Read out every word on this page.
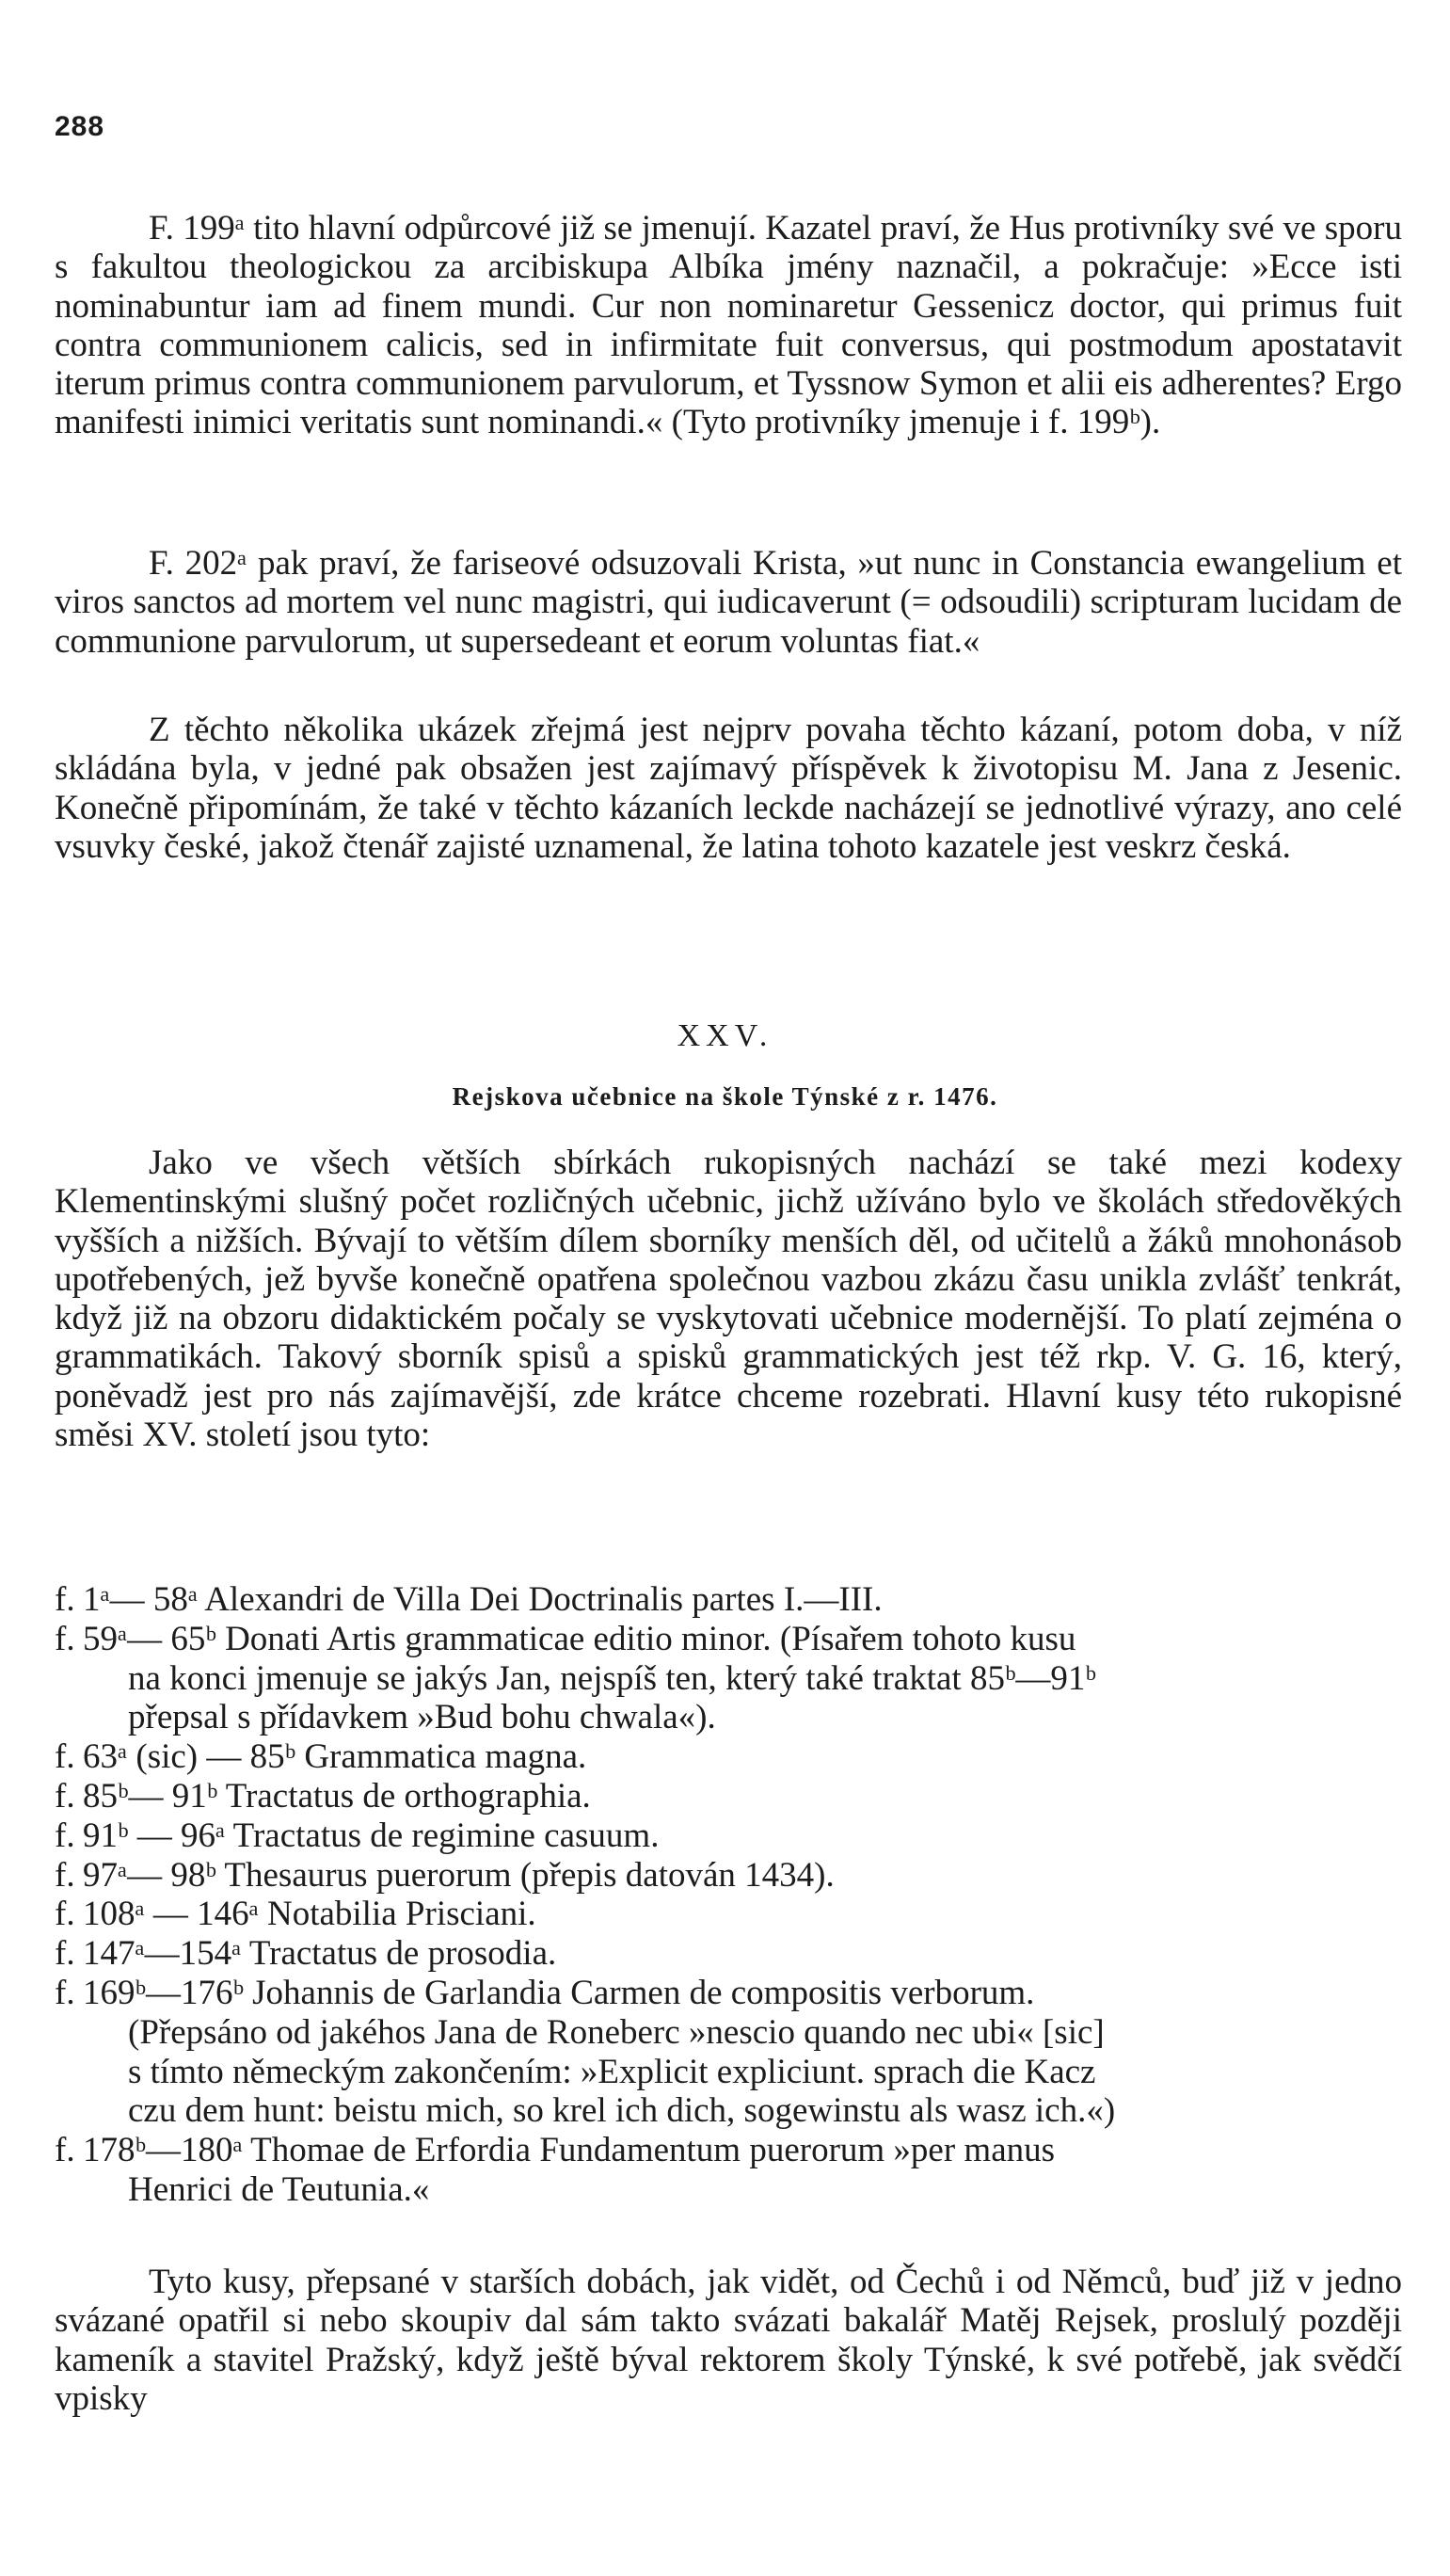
288

F. 199ᵃ tito hlavní odpůrcové již se jmenují. Kazatel praví, že Hus protivníky své ve sporu s fakultou theologickou za arcibiskupa Albíka jmény naznačil, a pokračuje: »Ecce isti nominabuntur iam ad finem mundi. Cur non nominaretur Gessenicz doctor, qui primus fuit contra communionem calicis, sed in infirmitate fuit conversus, qui postmodum apostatavit iterum primus contra communionem parvulorum, et Tyssnow Symon et alii eis adherentes? Ergo manifesti inimici veritatis sunt nominandi.« (Tyto protivníky jmenuje i f. 199ᵇ).

F. 202ᵃ pak praví, že fariseové odsuzovali Krista, »ut nunc in Constancia ewangelium et viros sanctos ad mortem vel nunc magistri, qui iudicaverunt (= odsoudili) scripturam lucidam de communione parvulorum, ut supersedeant et eorum voluntas fiat.«

Z těchto několika ukázek zřejmá jest nejprv povaha těchto kázaní, potom doba, v níž skládána byla, v jedné pak obsažen jest zajímavý příspěvek k životopisu M. Jana z Jesenic. Konečně připomínám, že také v těchto kázaních leckde nacházejí se jednotlivé výrazy, ano celé vsuvky české, jakož čtenář zajisté uznamenal, že latina tohoto kazatele jest veskrz česká.

XXV.
Rejskova učebnice na škole Týnské z r. 1476.

Jako ve všech větších sbírkách rukopisných nachází se také mezi kodexy Klementinskými slušný počet rozličných učebnic, jichž užíváno bylo ve školách středověkých vyšších a nižších. Bývají to větším dílem sborníky menších děl, od učitelů a žáků mnohonásob upotřebených, jež byvše konečně opatřena společnou vazbou zkázu času unikla zvlášť tenkrát, když již na obzoru didaktickém počaly se vyskytovati učebnice modernější. To platí zejména o grammatikách. Takový sborník spisů a spisků grammatických jest též rkp. V. G. 16, který, poněvadž jest pro nás zajímavější, zde krátce chceme rozebrati. Hlavní kusy této rukopisné směsi XV. století jsou tyto:

f. 1ᵃ— 58ᵃ Alexandri de Villa Dei Doctrinalis partes I.—III.
f. 59ᵃ— 65ᵇ Donati Artis grammaticae editio minor. (Písařem tohoto kusu
na konci jmenuje se jakýs Jan, nejspíš ten, který také traktat 85ᵇ—91ᵇ
přepsal s přídavkem »Bud bohu chwala«).
f. 63ᵃ (sic) — 85ᵇ Grammatica magna.
f. 85ᵇ— 91ᵇ Tractatus de orthographia.
f. 91ᵇ — 96ᵃ Tractatus de regimine casuum.
f. 97ᵃ— 98ᵇ Thesaurus puerorum (přepis datován 1434).
f. 108ᵃ — 146ᵃ Notabilia Prisciani.
f. 147ᵃ—154ᵃ Tractatus de prosodia.
f. 169ᵇ—176ᵇ Johannis de Garlandia Carmen de compositis verborum.
(Přepsáno od jakéhos Jana de Roneberc »nescio quando nec ubi« [sic]
s tímto německým zakončením: »Explicit expliciunt. sprach die Kacz
czu dem hunt: beistu mich, so krel ich dich, sogewinstu als wasz ich.«)
f. 178ᵇ—180ᵃ Thomae de Erfordia Fundamentum puerorum »per manus
Henrici de Teutunia.«

Tyto kusy, přepsané v starších dobách, jak vidět, od Čechů i od Němců, buď již v jedno svázané opatřil si nebo skoupiv dal sám takto svázati bakalář Matěj Rejsek, proslulý později kameník a stavitel Pražský, když ještě býval rektorem školy Týnské, k své potřebě, jak svědčí vpisky
